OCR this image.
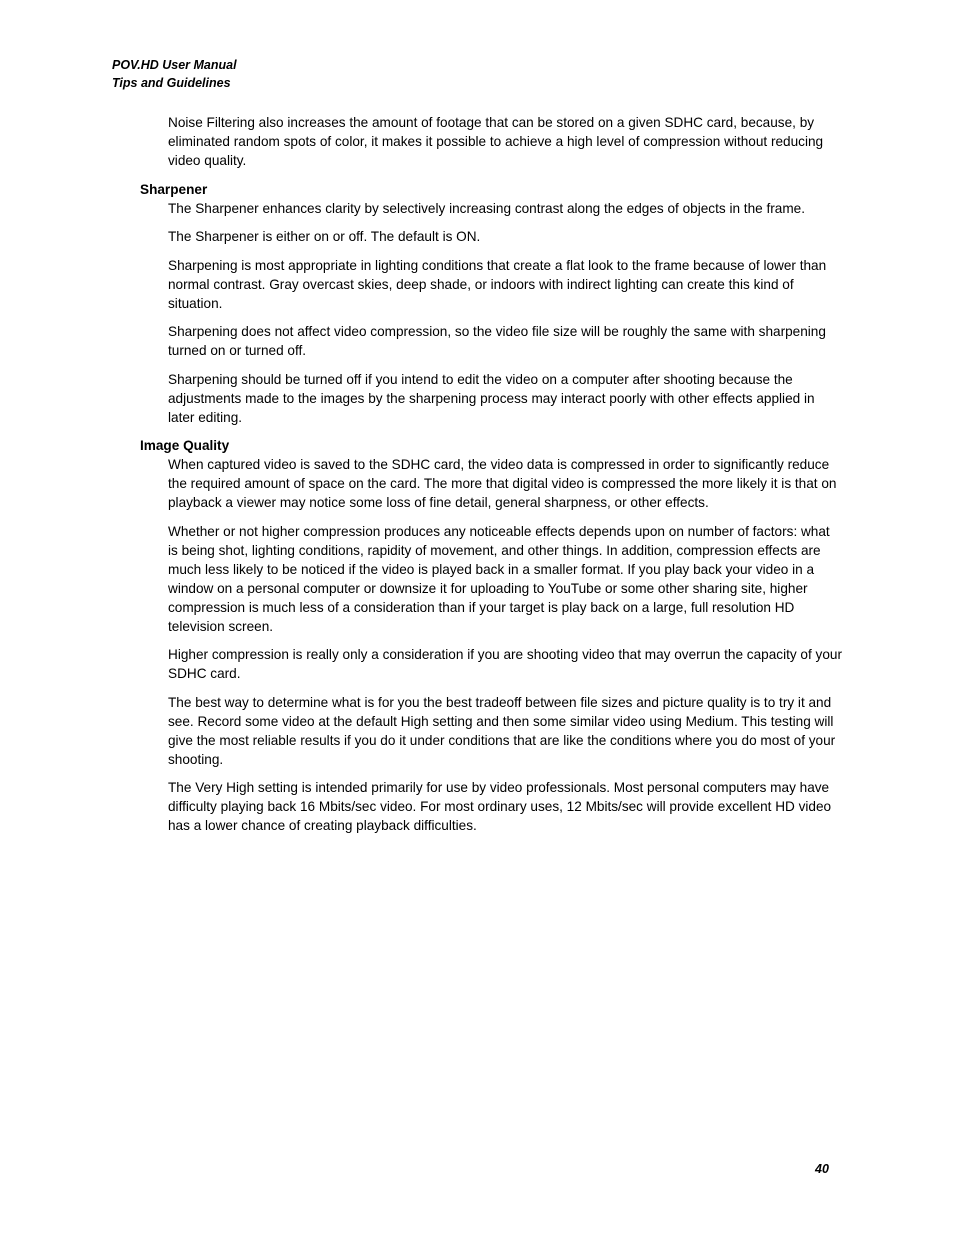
POV.HD User Manual
Tips and Guidelines

Noise Filtering also increases the amount of footage that can be stored on a given SDHC card, because, by eliminated random spots of color, it makes it possible to achieve a high level of compression without reducing video quality.

Sharpener

The Sharpener enhances clarity by selectively increasing contrast along the edges of objects in the frame.

The Sharpener is either on or off. The default is ON.

Sharpening is most appropriate in lighting conditions that create a flat look to the frame because of lower than normal contrast. Gray overcast skies, deep shade, or indoors with indirect lighting can create this kind of situation.

Sharpening does not affect video compression, so the video file size will be roughly the same with sharpening turned on or turned off.

Sharpening should be turned off if you intend to edit the video on a computer after shooting because the adjustments made to the images by the sharpening process may interact poorly with other effects applied in later editing.

Image Quality

When captured video is saved to the SDHC card, the video data is compressed in order to significantly reduce the required amount of space on the card. The more that digital video is compressed the more likely it is that on playback a viewer may notice some loss of fine detail, general sharpness, or other effects.

Whether or not higher compression produces any noticeable effects depends upon on number of factors: what is being shot, lighting conditions, rapidity of movement, and other things. In addition, compression effects are much less likely to be noticed if the video is played back in a smaller format. If you play back your video in a window on a personal computer or downsize it for uploading to YouTube or some other sharing site, higher compression is much less of a consideration than if your target is play back on a large, full resolution HD television screen.

Higher compression is really only a consideration if you are shooting video that may overrun the capacity of your SDHC card.

The best way to determine what is for you the best tradeoff between file sizes and picture quality is to try it and see. Record some video at the default High setting and then some similar video using Medium. This testing will give the most reliable results if you do it under conditions that are like the conditions where you do most of your shooting.

The Very High setting is intended primarily for use by video professionals. Most personal computers may have difficulty playing back 16 Mbits/sec video. For most ordinary uses, 12 Mbits/sec will provide excellent HD video has a lower chance of creating playback difficulties.

40
